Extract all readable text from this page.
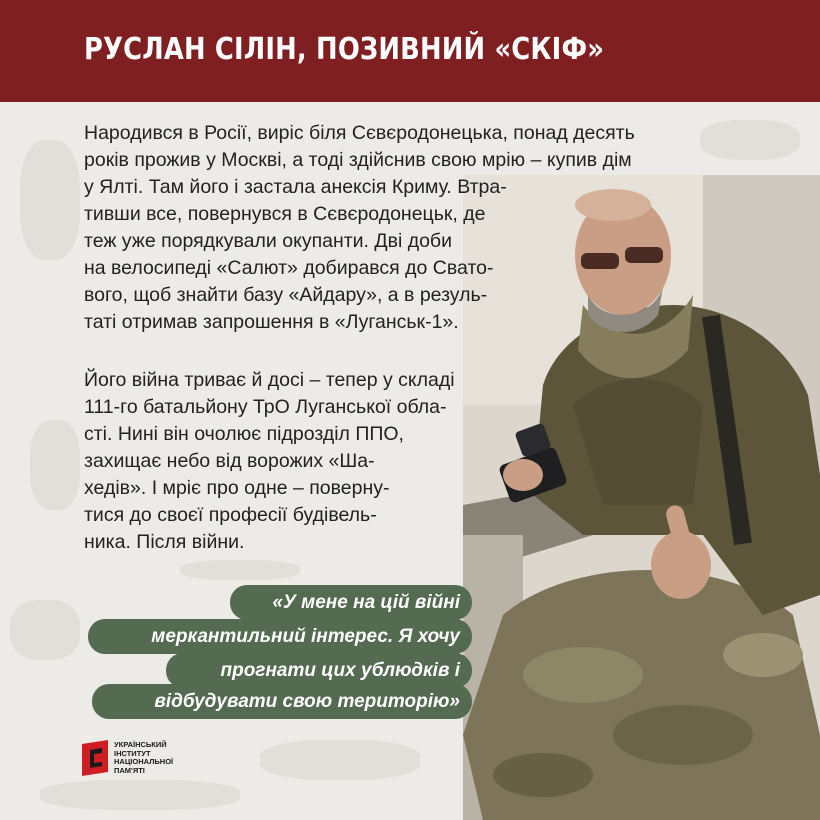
РУСЛАН СІЛІН, ПОЗИВНИЙ «СКІФ»

Народився в Росії, виріс біля Сєвєродонецька, понад десять
років прожив у Москві, а тоді здійснив свою мрію – купив дім
у Ялті. Там його і застала анексія Криму. Втра-
тивши все, повернувся в Сєвєродонецьк, де
теж уже порядкували окупанти. Дві доби
на велосипеді «Салют» добирався до Свато-
вого, щоб знайти базу «Айдару», а в резуль-
таті отримав запрошення в «Луганськ-1».

Його війна триває й досі – тепер у складі
111-го батальйону ТрО Луганської обла-
сті. Нині він очолює підрозділ ППО,
захищає небо від ворожих «Ша-
хедів». І мріє про одне – поверну-
тися до своєї професії будівель-
ника. Після війни.

«У мене на цій війні
меркантильний інтерес. Я хочу
прогнати цих ублюдків і
відбудувати свою територію»
УКРАЇНСЬКИЙ
ІНСТИТУТ
НАЦІОНАЛЬНОЇ
ПАМ'ЯТІ
